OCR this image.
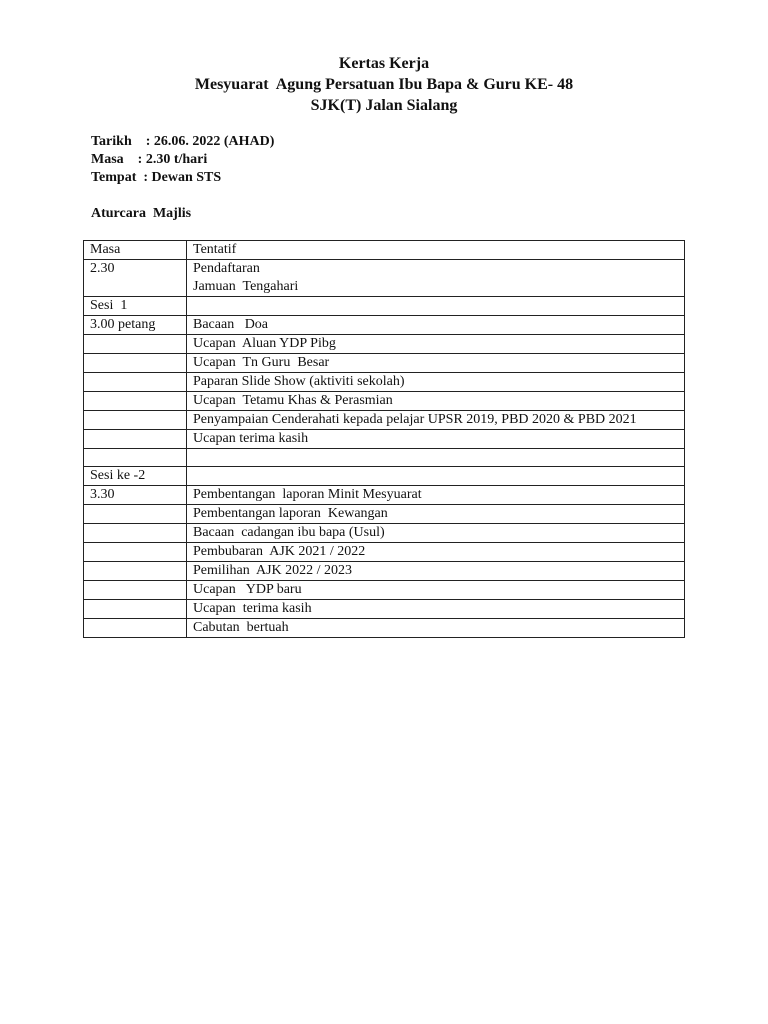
Kertas Kerja
Mesyuarat  Agung Persatuan Ibu Bapa & Guru KE- 48
SJK(T) Jalan Sialang
Tarikh    : 26.06. 2022 (AHAD)
Masa    : 2.30 t/hari
Tempat  : Dewan STS
Aturcara  Majlis
Masa	Tentatif
2.30	Pendaftaran
Jamuan  Tengahari

Sesi  1	

3.00 petang	Bacaan   Doa

	Ucapan  Aluan YDP Pibg

	Ucapan  Tn Guru  Besar

	Paparan Slide Show (aktiviti sekolah)

	Ucapan  Tetamu Khas & Perasmian

	Penyampaian Cenderahati kepada pelajar UPSR 2019, PBD 2020 & PBD 2021

	Ucapan terima kasih

Sesi ke -2	

3.30	Pembentangan  laporan Minit Mesyuarat

	Pembentangan laporan  Kewangan

	Bacaan  cadangan ibu bapa (Usul)

	Pembubaran  AJK 2021 / 2022

	Pemilihan  AJK 2022 / 2023

	Ucapan   YDP baru

	Ucapan  terima kasih

	Cabutan  bertuah
